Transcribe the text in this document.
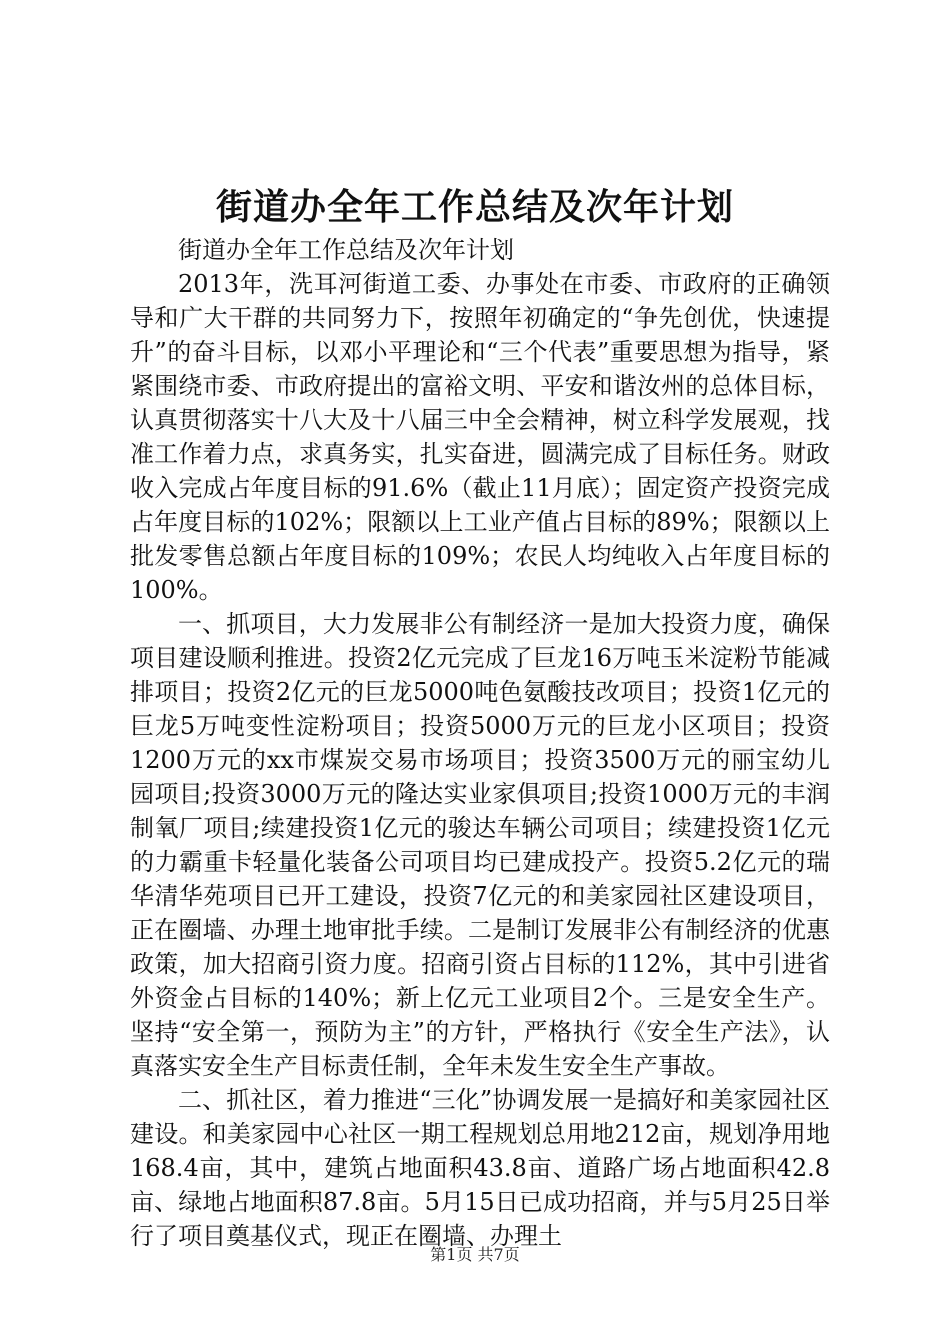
街道办全年工作总结及次年计划

街道办全年工作总结及次年计划

2013年，洗耳河街道工委、办事处在市委、市政府的正确领导和广大干群的共同努力下，按照年初确定的“争先创优，快速提升”的奋斗目标，以邓小平理论和“三个代表”重要思想为指导，紧紧围绕市委、市政府提出的富裕文明、平安和谐汝州的总体目标，认真贯彻落实十八大及十八届三中全会精神，树立科学发展观，找准工作着力点，求真务实，扎实奋进，圆满完成了目标任务。财政收入完成占年度目标的91.6%（截止11月底）；固定资产投资完成占年度目标的102%；限额以上工业产值占目标的89%；限额以上批发零售总额占年度目标的109%；农民人均纯收入占年度目标的100%。

一、抓项目，大力发展非公有制经济一是加大投资力度，确保项目建设顺利推进。投资2亿元完成了巨龙16万吨玉米淀粉节能减排项目；投资2亿元的巨龙5000吨色氨酸技改项目；投资1亿元的巨龙5万吨变性淀粉项目；投资5000万元的巨龙小区项目；投资1200万元的xx市煤炭交易市场项目；投资3500万元的丽宝幼儿园项目;投资3000万元的隆达实业家俱项目;投资1000万元的丰润制氧厂项目;续建投资1亿元的骏达车辆公司项目；续建投资1亿元的力霸重卡轻量化装备公司项目均已建成投产。投资5.2亿元的瑞华清华苑项目已开工建设，投资7亿元的和美家园社区建设项目，正在圈墙、办理土地审批手续。二是制订发展非公有制经济的优惠政策，加大招商引资力度。招商引资占目标的112%，其中引进省外资金占目标的140%；新上亿元工业项目2个。三是安全生产。坚持“安全第一，预防为主”的方针，严格执行《安全生产法》，认真落实安全生产目标责任制，全年未发生安全生产事故。

二、抓社区，着力推进“三化”协调发展一是搞好和美家园社区建设。和美家园中心社区一期工程规划总用地212亩，规划净用地168.4亩，其中，建筑占地面积43.8亩、道路广场占地面积42.8亩、绿地占地面积87.8亩。5月15日已成功招商，并与5月25日举行了项目奠基仪式，现正在圈墙、办理土

第1页 共7页
